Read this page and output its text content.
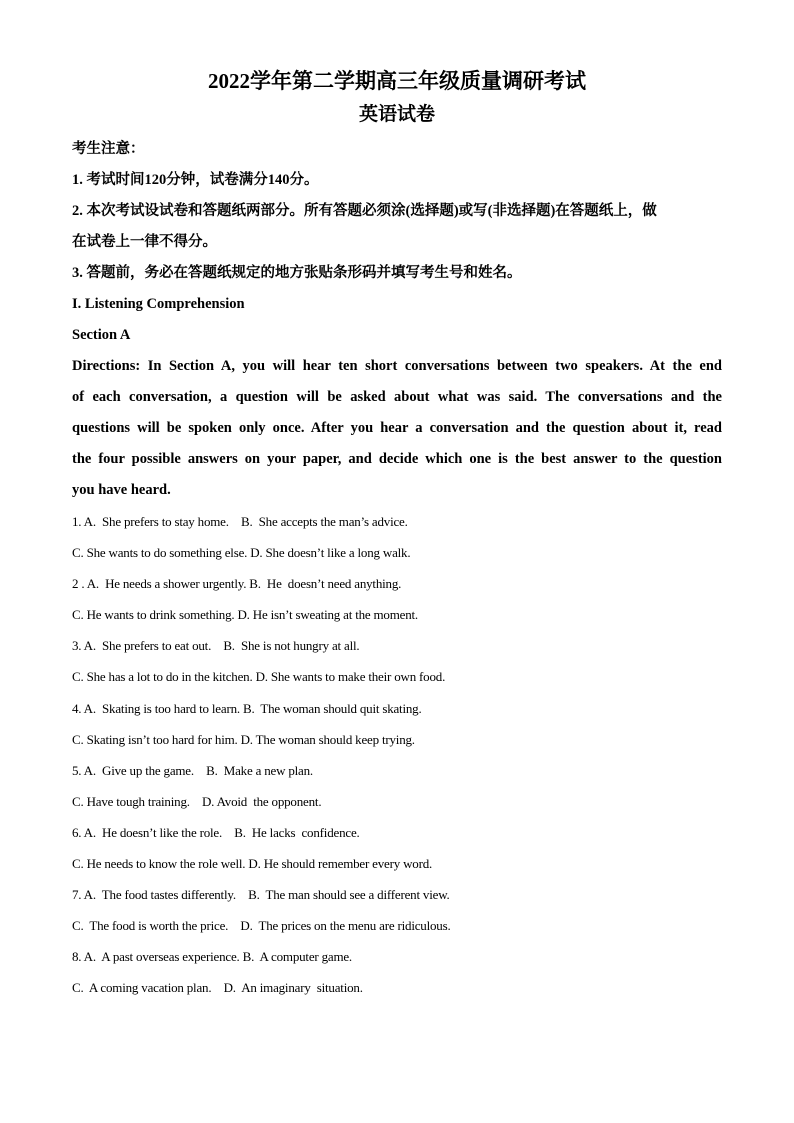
2022学年第二学期高三年级质量调研考试
英语试卷
考生注意：
1. 考试时间120分钟，试卷满分140分。
2. 本次考试设试卷和答题纸两部分。所有答题必须涂(选择题)或写(非选择题)在答题纸上，做
在试卷上一律不得分。
3. 答题前，务必在答题纸规定的地方张贴条形码并填写考生号和姓名。
I. Listening Comprehension
Section A
Directions: In Section A, you will hear ten short conversations between two speakers. At the end
of each conversation, a question will be asked about what was said. The conversations and the
questions will be spoken only once. After you hear a conversation and the question about it, read
the four possible answers on your paper, and decide which one is the best answer to the question
you have heard.
1. A.  She prefers to stay home.    B.  She accepts the man’s advice.
C. She wants to do something else. D. She doesn’t like a long walk.
2 . A.  He needs a shower urgently. B.  He  doesn’t need anything.
C. He wants to drink something. D. He isn’t sweating at the moment.
3. A.  She prefers to eat out.    B.  She is not hungry at all.
C. She has a lot to do in the kitchen. D. She wants to make their own food.
4. A.  Skating is too hard to learn. B.  The woman should quit skating.
C. Skating isn’t too hard for him. D. The woman should keep trying.
5. A.  Give up the game.    B.  Make a new plan.
C. Have tough training.    D. Avoid  the opponent.
6. A.  He doesn’t like the role.    B.  He lacks  confidence.
C. He needs to know the role well. D. He should remember every word.
7. A.  The food tastes differently.    B.  The man should see a different view.
C.  The food is worth the price.    D.  The prices on the menu are ridiculous.
8. A.  A past overseas experience. B.  A computer game.
C.  A coming vacation plan.    D.  An imaginary  situation.
